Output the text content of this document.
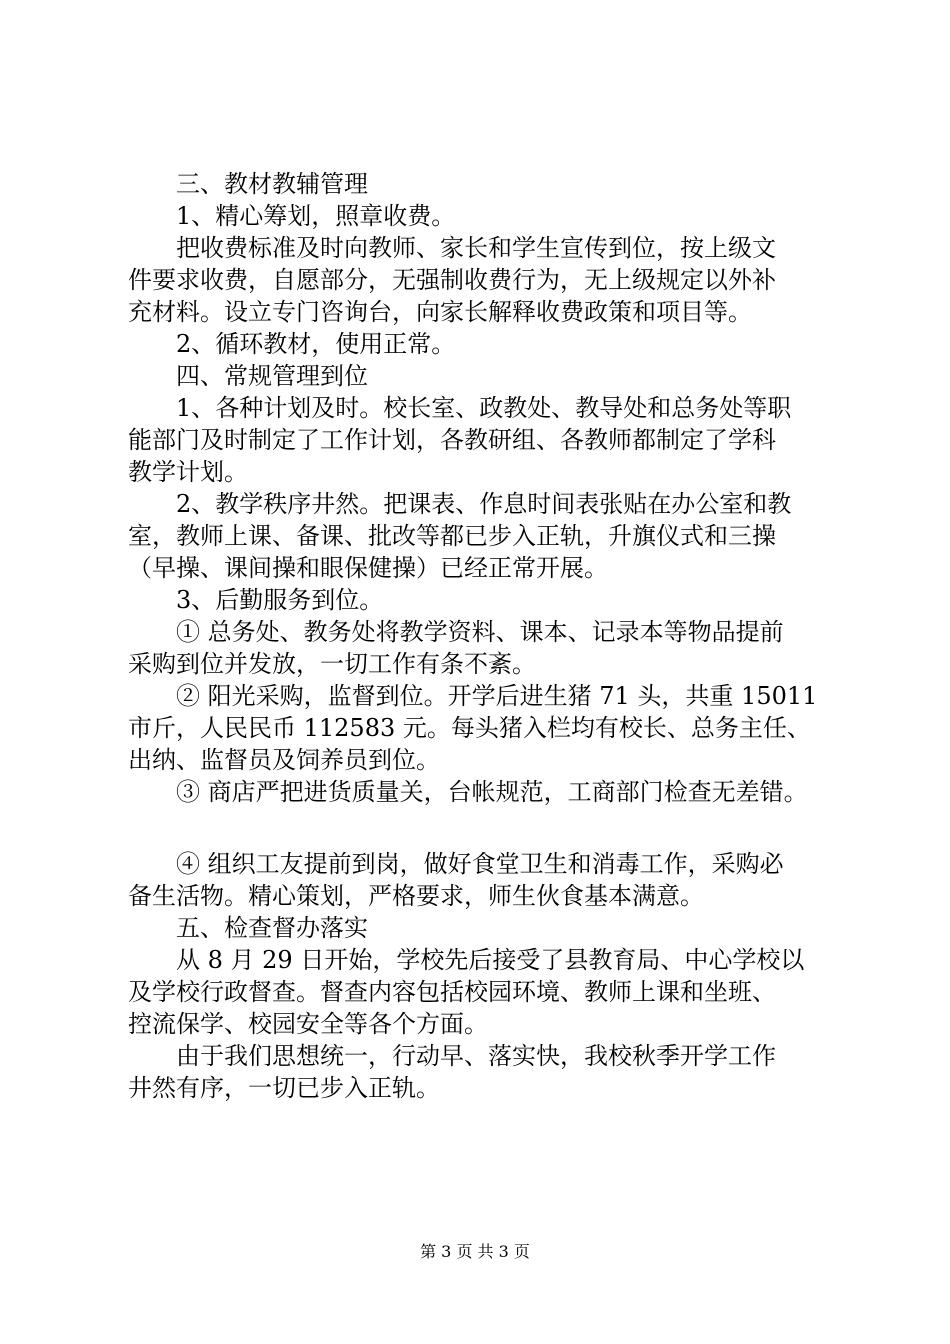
三、教材教辅管理
1、精心筹划，照章收费。
把收费标准及时向教师、家长和学生宣传到位，按上级文
件要求收费，自愿部分，无强制收费行为，无上级规定以外补
充材料。设立专门咨询台，向家长解释收费政策和项目等。
2、循环教材，使用正常。
四、常规管理到位
1、各种计划及时。校长室、政教处、教导处和总务处等职
能部门及时制定了工作计划，各教研组、各教师都制定了学科
教学计划。
2、教学秩序井然。把课表、作息时间表张贴在办公室和教
室，教师上课、备课、批改等都已步入正轨，升旗仪式和三操
（早操、课间操和眼保健操）已经正常开展。
3、后勤服务到位。
① 总务处、教务处将教学资料、课本、记录本等物品提前
采购到位并发放，一切工作有条不紊。
② 阳光采购，监督到位。开学后进生猪 71 头，共重 15011
市斤，人民民币 112583 元。每头猪入栏均有校长、总务主任、
出纳、监督员及饲养员到位。
③ 商店严把进货质量关，台帐规范，工商部门检查无差错。
④ 组织工友提前到岗，做好食堂卫生和消毒工作，采购必
备生活物。精心策划，严格要求，师生伙食基本满意。
五、检查督办落实
从 8 月 29 日开始，学校先后接受了县教育局、中心学校以
及学校行政督查。督查内容包括校园环境、教师上课和坐班、
控流保学、校园安全等各个方面。
由于我们思想统一，行动早、落实快，我校秋季开学工作
井然有序，一切已步入正轨。
第 3 页 共 3 页
